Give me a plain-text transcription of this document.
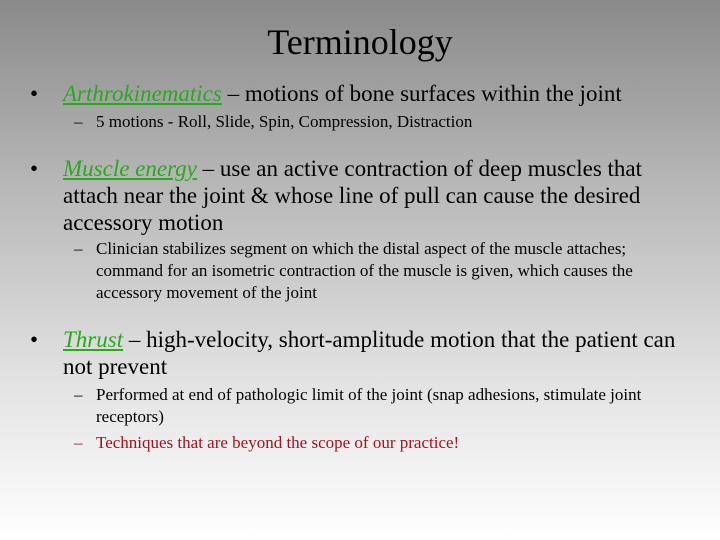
Terminology
•	Arthrokinematics – motions of bone surfaces within the joint
– 5 motions - Roll, Slide, Spin, Compression, Distraction
•	Muscle energy – use an active contraction of deep muscles that attach near the joint & whose line of pull can cause the desired accessory motion
– Clinician stabilizes segment on which the distal aspect of the muscle attaches; command for an isometric contraction of the muscle is given, which causes the accessory movement of the joint
•	Thrust – high-velocity, short-amplitude motion that the patient can not prevent
– Performed at end of pathologic limit of the joint (snap adhesions, stimulate joint receptors)
– Techniques that are beyond the scope of our practice!
